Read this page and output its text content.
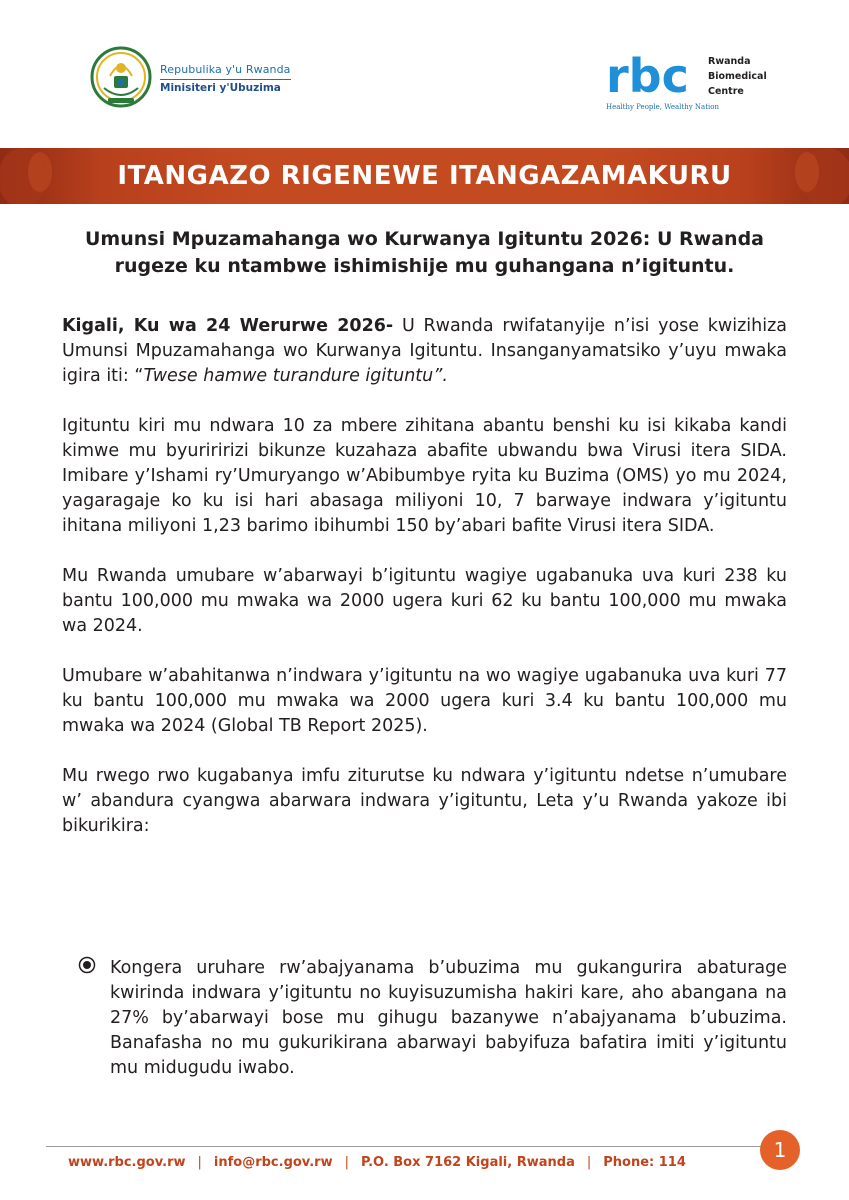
Repubulika y'u Rwanda
Minisiteri y'Ubuzima	rbc Rwanda
Biomedical
Centre
Healthy People, Wealthy Nation
ITANGAZO RIGENEWE ITANGAZAMAKURU
Umunsi Mpuzamahanga wo Kurwanya Igituntu 2026: U Rwanda
rugeze ku ntambwe ishimishije mu guhangana n’igituntu.

Kigali, Ku wa 24 Werurwe 2026- U Rwanda rwifatanyije n’isi yose kwizihiza Umunsi Mpuzamahanga wo Kurwanya Igituntu. Insanganyamatsiko y’uyu mwaka igira iti: “Twese hamwe turandure igituntu”.

Igituntu kiri mu ndwara 10 za mbere zihitana abantu benshi ku isi kikaba kandi kimwe mu byuriririzi bikunze kuzahaza abafite ubwandu bwa Virusi itera SIDA. Imibare y’Ishami ry’Umuryango w’Abibumbye ryita ku Buzima (OMS) yo mu 2024, yagaragaje ko ku isi hari abasaga miliyoni 10, 7 barwaye indwara y’igituntu ihitana miliyoni 1,23 barimo ibihumbi 150 by’abari bafite Virusi itera SIDA.

Mu Rwanda umubare w’abarwayi b’igituntu wagiye ugabanuka uva kuri 238 ku bantu 100,000 mu mwaka wa 2000 ugera kuri 62 ku bantu 100,000 mu mwaka wa 2024.

Umubare w’abahitanwa n’indwara y’igituntu na wo wagiye ugabanuka uva kuri 77 ku bantu 100,000 mu mwaka wa 2000 ugera kuri 3.4 ku bantu 100,000 mu mwaka wa 2024 (Global TB Report 2025).

Mu rwego rwo kugabanya imfu ziturutse ku ndwara y’igituntu ndetse n’umubare w’ abandura cyangwa abarwara indwara y’igituntu, Leta y’u Rwanda yakoze ibi bikurikira:

Kongera uruhare rw’abajyanama b’ubuzima mu gukangurira abaturage kwirinda indwara y’igituntu no kuyisuzumisha hakiri kare, aho abangana na 27% by’abarwayi bose mu gihugu bazanywe n’abajyanama b’ubuzima. Banafasha no mu gukurikirana abarwayi babyifuza bafatira imiti y’igituntu mu midugudu iwabo.
1
www.rbc.gov.rw | info@rbc.gov.rw | P.O. Box 7162 Kigali, Rwanda | Phone: 114
